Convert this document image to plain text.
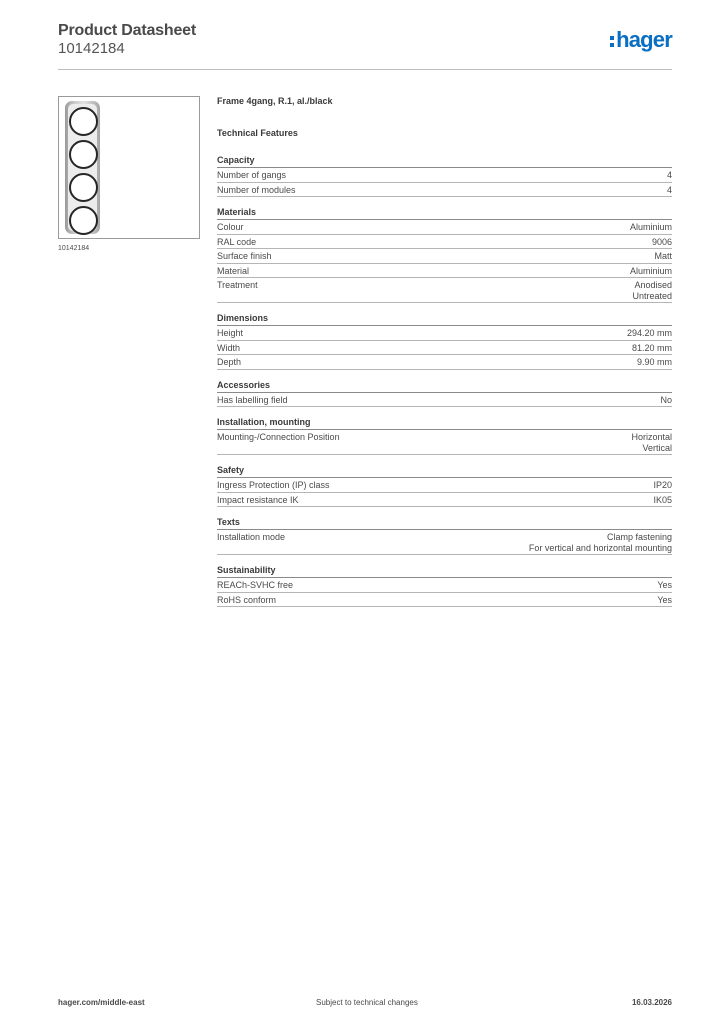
Product Datasheet
10142184	hager
10142184
Frame 4gang, R.1, al./black
Technical Features
Capacity
Number of gangs	4
Number of modules	4
Materials
Colour	Aluminium
RAL code	9006
Surface finish	Matt
Material	Aluminium
Treatment	Anodised
Untreated
Dimensions
Height	294.20 mm
Width	81.20 mm
Depth	9.90 mm
Accessories
Has labelling field	No
Installation, mounting
Mounting-/Connection Position	Horizontal
Vertical
Safety
Ingress Protection (IP) class	IP20
Impact resistance IK	IK05
Texts
Installation mode	Clamp fastening
For vertical and horizontal mounting
Sustainability
REACh-SVHC free	Yes
RoHS conform	Yes
hager.com/middle-east	Subject to technical changes	16.03.2026
